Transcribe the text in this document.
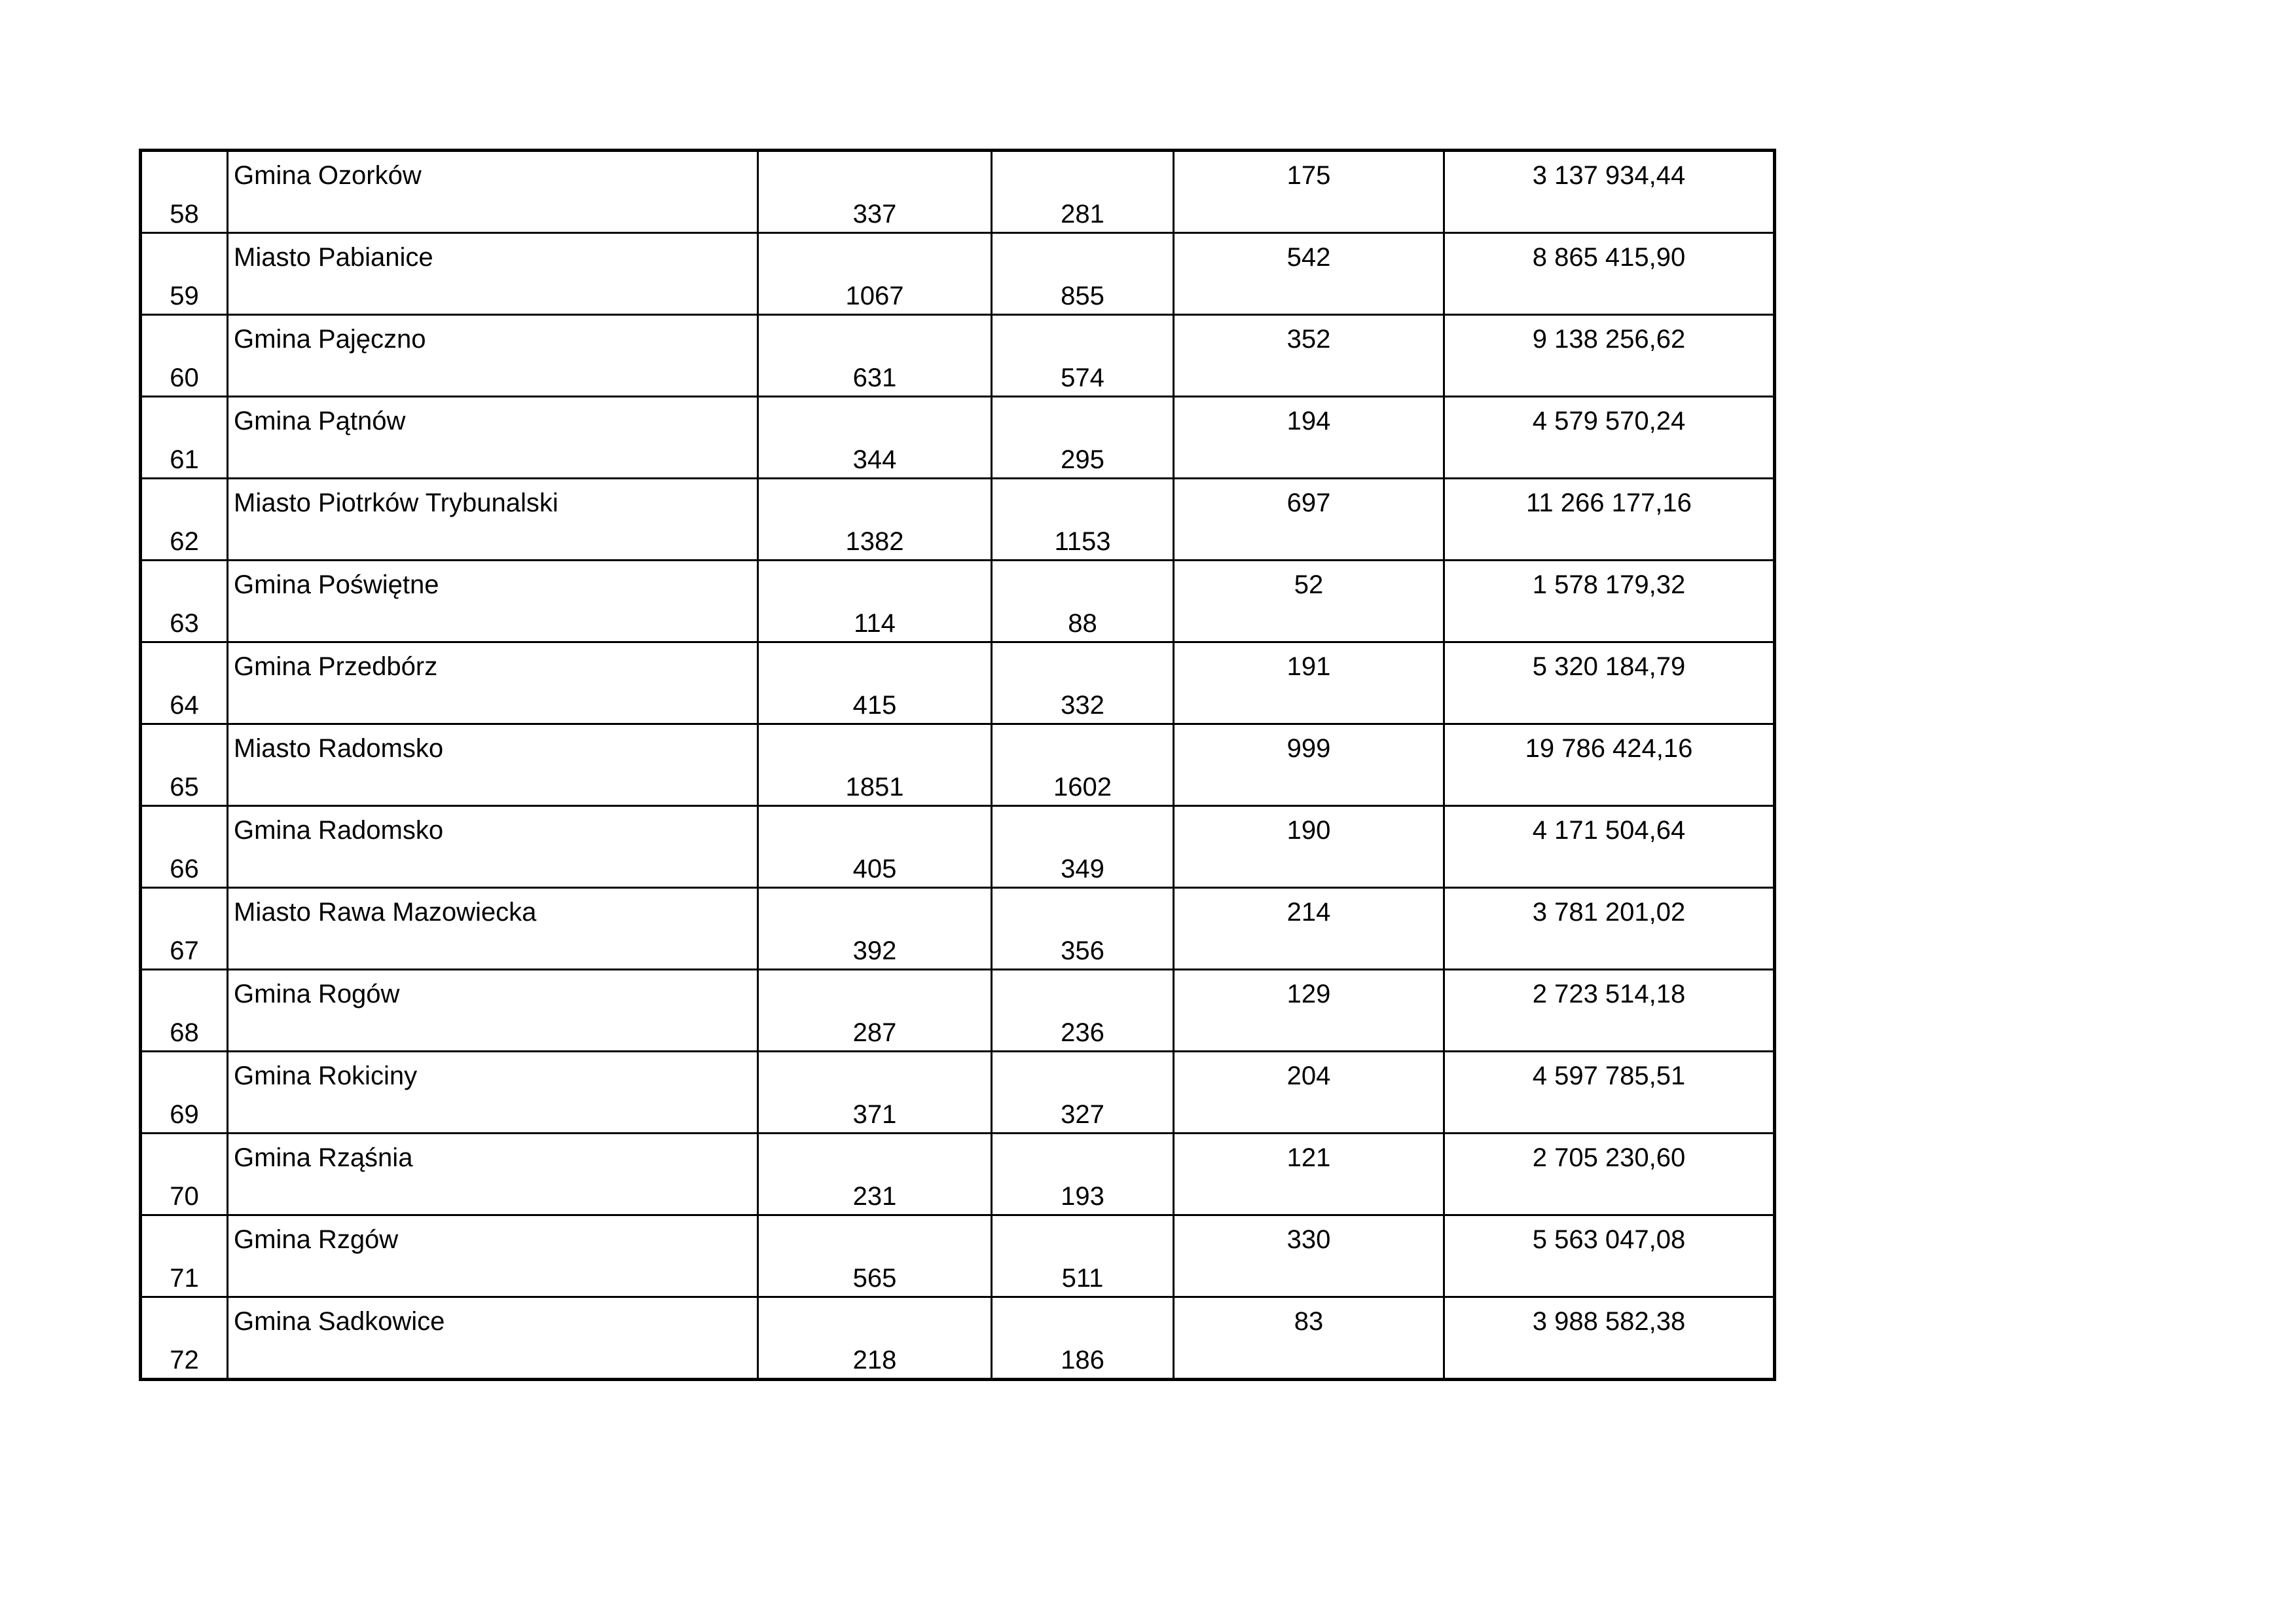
58	Gmina Ozorków	337	281	175	3 137 934,44

59	Miasto Pabianice	1067	855	542	8 865 415,90

60	Gmina Pajęczno	631	574	352	9 138 256,62

61	Gmina Pątnów	344	295	194	4 579 570,24

62	Miasto Piotrków Trybunalski	1382	1153	697	11 266 177,16

63	Gmina Poświętne	114	88	52	1 578 179,32

64	Gmina Przedbórz	415	332	191	5 320 184,79

65	Miasto Radomsko	1851	1602	999	19 786 424,16

66	Gmina Radomsko	405	349	190	4 171 504,64

67	Miasto Rawa Mazowiecka	392	356	214	3 781 201,02

68	Gmina Rogów	287	236	129	2 723 514,18

69	Gmina Rokiciny	371	327	204	4 597 785,51

70	Gmina Rząśnia	231	193	121	2 705 230,60

71	Gmina Rzgów	565	511	330	5 563 047,08

72	Gmina Sadkowice	218	186	83	3 988 582,38
